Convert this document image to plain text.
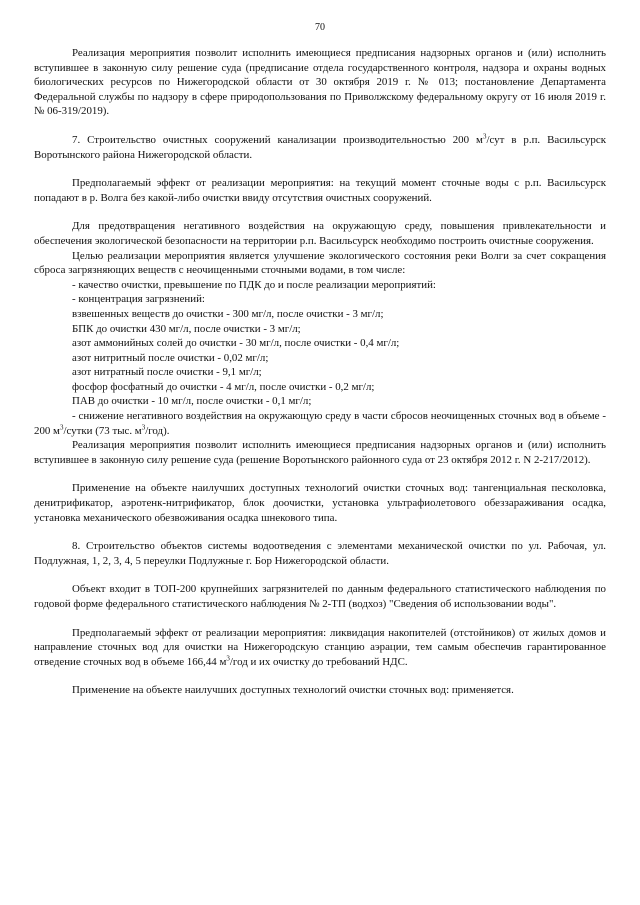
70

Реализация мероприятия позволит исполнить имеющиеся предписания надзорных органов и (или) исполнить вступившее в законную силу решение суда (предписание отдела государственного контроля, надзора и охраны водных биологических ресурсов по Нижегородской области от 30 октября 2019 г. № 013; постановление Департамента Федеральной службы по надзору в сфере природопользования по Приволжскому федеральному округу от 16 июля 2019 г. № 06-319/2019).

7. Строительство очистных сооружений канализации производительностью 200 $м^3$/сут в р.п. Васильсурск Воротынского района Нижегородской области.

Предполагаемый эффект от реализации мероприятия: на текущий момент сточные воды с р.п. Васильсурск попадают в р. Волга без какой-либо очистки ввиду отсутствия очистных сооружений.

Для предотвращения негативного воздействия на окружающую среду, повышения привлекательности и обеспечения экологической безопасности на территории р.п. Васильсурск необходимо построить очистные сооружения.

Целью реализации мероприятия является улучшение экологического состояния реки Волги за счет сокращения сброса загрязняющих веществ с неочищенными сточными водами, в том числе:

- качество очистки, превышение по ПДК до и после реализации мероприятий:

- концентрация загрязнений:

взвешенных веществ до очистки - 300 мг/л, после очистки - 3 мг/л;

БПК до очистки 430 мг/л, после очистки - 3 мг/л;

азот аммонийных солей до очистки - 30 мг/л, после очистки - 0,4 мг/л;

азот нитритный после очистки - 0,02 мг/л;

азот нитратный после очистки - 9,1 мг/л;

фосфор фосфатный до очистки - 4 мг/л, после очистки - 0,2 мг/л;

ПАВ до очистки - 10 мг/л, после очистки - 0,1 мг/л;

- снижение негативного воздействия на окружающую среду в части сбросов неочищенных сточных вод в объеме - 200 $м^3$/сутки (73 тыс. $м^3/год$).

Реализация мероприятия позволит исполнить имеющиеся предписания надзорных органов и (или) исполнить вступившее в законную силу решение суда (решение Воротынского районного суда от 23 октября 2012 г. N 2-217/2012).

Применение на объекте наилучших доступных технологий очистки сточных вод: тангенциальная песколовка, денитрификатор, аэротенк-нитрификатор, блок доочистки, установка ультрафиолетового обеззараживания осадка, установка механического обезвоживания осадка шнекового типа.

8. Строительство объектов системы водоотведения с элементами механической очистки по ул. Рабочая, ул. Подлужная, 1, 2, 3, 4, 5 переулки Подлужные г. Бор Нижегородской области.

Объект входит в ТОП-200 крупнейших загрязнителей по данным федерального статистического наблюдения по годовой форме федерального статистического наблюдения № 2-ТП (водхоз) "Сведения об использовании воды".

Предполагаемый эффект от реализации мероприятия: ликвидация накопителей (отстойников) от жилых домов и направление сточных вод для очистки на Нижегородскую станцию аэрации, тем самым обеспечив гарантированное отведение сточных вод в объеме 166,44 $м^3$/год и их очистку до требований НДС.

Применение на объекте наилучших доступных технологий очистки сточных вод: применяется.
